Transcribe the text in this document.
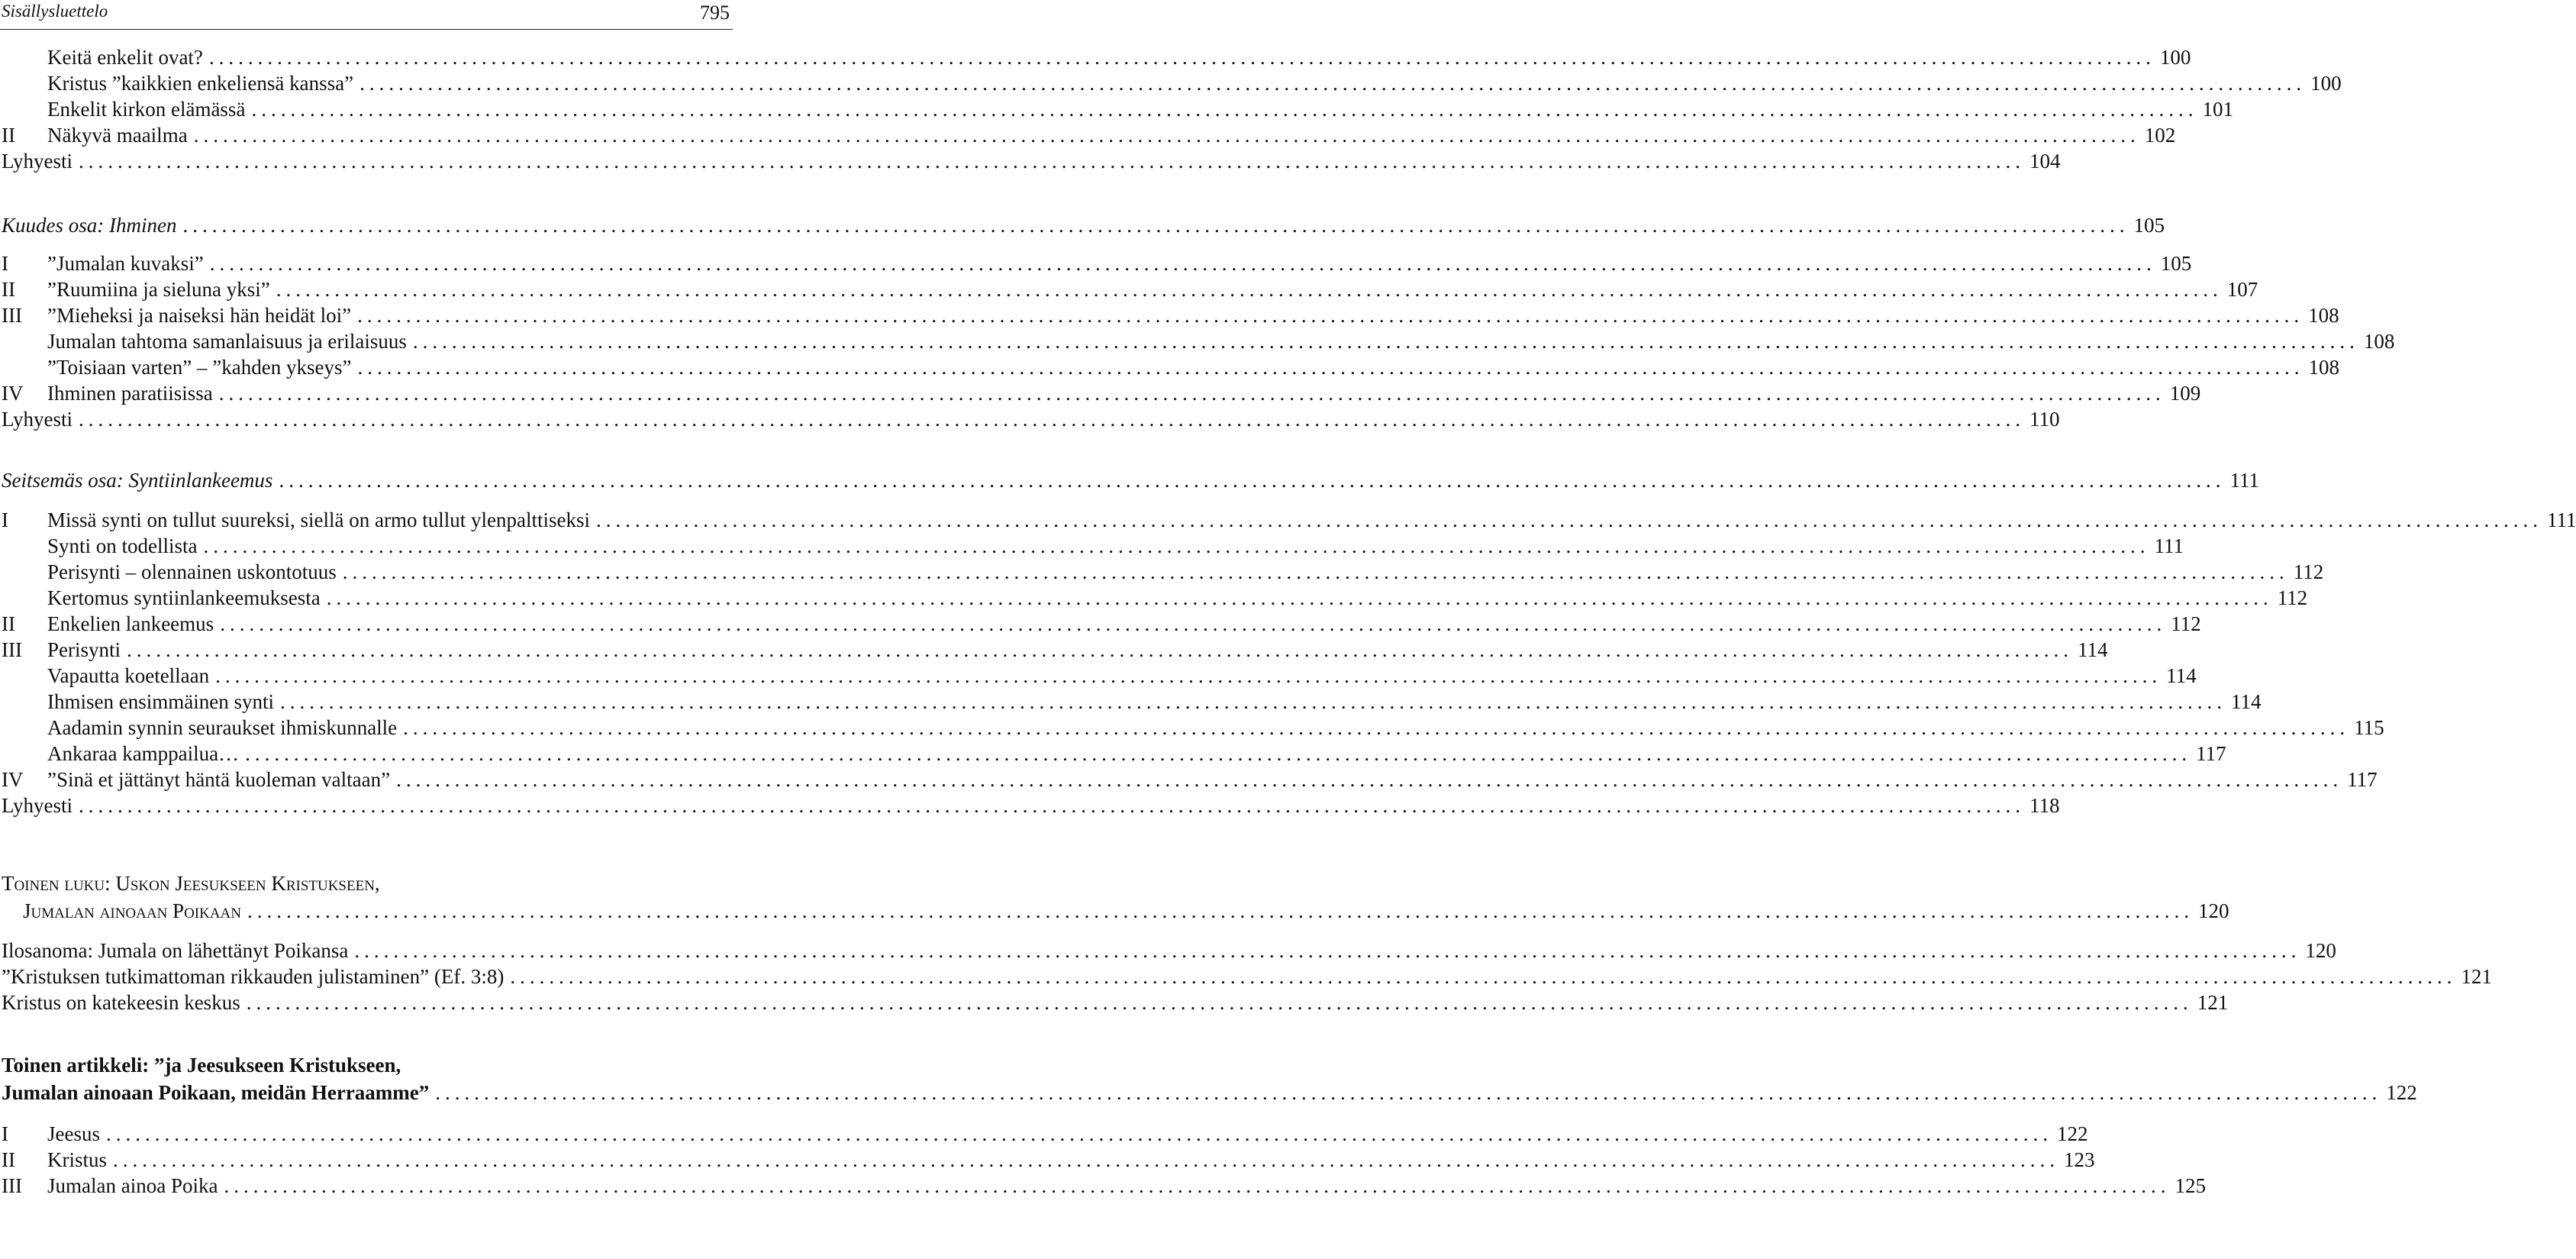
Sisällysluettelo	795
Keitä enkelit ovat? ........................................................................................................................................................................................................ 100
Kristus ”kaikkien enkeliensä kanssa” ........................................................................................................................................................................................................ 100
Enkelit kirkon elämässä ........................................................................................................................................................................................................ 101
II Näkyvä maailma ........................................................................................................................................................................................................ 102
Lyhyesti ........................................................................................................................................................................................................ 104
Kuudes osa: Ihminen ........................................................................................................................................................................................................ 105
I ”Jumalan kuvaksi” ........................................................................................................................................................................................................ 105
II ”Ruumiina ja sieluna yksi” ........................................................................................................................................................................................................ 107
III ”Mieheksi ja naiseksi hän heidät loi” ........................................................................................................................................................................................................ 108
Jumalan tahtoma samanlaisuus ja erilaisuus ........................................................................................................................................................................................................ 108
”Toisiaan varten” – ”kahden ykseys” ........................................................................................................................................................................................................ 108
IV Ihminen paratiisissa ........................................................................................................................................................................................................ 109
Lyhyesti ........................................................................................................................................................................................................ 110
Seitsemäs osa: Syntiinlankeemus ........................................................................................................................................................................................................ 111
I Missä synti on tullut suureksi, siellä on armo tullut ylenpalttiseksi ........................................................................................................................................................................................................ 111
Synti on todellista ........................................................................................................................................................................................................ 111
Perisynti – olennainen uskontotuus ........................................................................................................................................................................................................ 112
Kertomus syntiinlankeemuksesta ........................................................................................................................................................................................................ 112
II Enkelien lankeemus ........................................................................................................................................................................................................ 112
III Perisynti ........................................................................................................................................................................................................ 114
Vapautta koetellaan ........................................................................................................................................................................................................ 114
Ihmisen ensimmäinen synti ........................................................................................................................................................................................................ 114
Aadamin synnin seuraukset ihmiskunnalle ........................................................................................................................................................................................................ 115
Ankaraa kamppailua… ........................................................................................................................................................................................................ 117
IV ”Sinä et jättänyt häntä kuoleman valtaan” ........................................................................................................................................................................................................ 117
Lyhyesti ........................................................................................................................................................................................................ 118
Toinen luku: Uskon Jeesukseen Kristukseen,
Jumalan ainoaan Poikaan ........................................................................................................................................................................................................ 120
Ilosanoma: Jumala on lähettänyt Poikansa ........................................................................................................................................................................................................ 120
”Kristuksen tutkimattoman rikkauden julistaminen” (Ef. 3:8) ........................................................................................................................................................................................................ 121
Kristus on katekeesin keskus ........................................................................................................................................................................................................ 121
Toinen artikkeli: ”ja Jeesukseen Kristukseen,
Jumalan ainoaan Poikaan, meidän Herraamme” ........................................................................................................................................................................................................ 122
I Jeesus ........................................................................................................................................................................................................ 122
II Kristus ........................................................................................................................................................................................................ 123
III Jumalan ainoa Poika ........................................................................................................................................................................................................ 125
